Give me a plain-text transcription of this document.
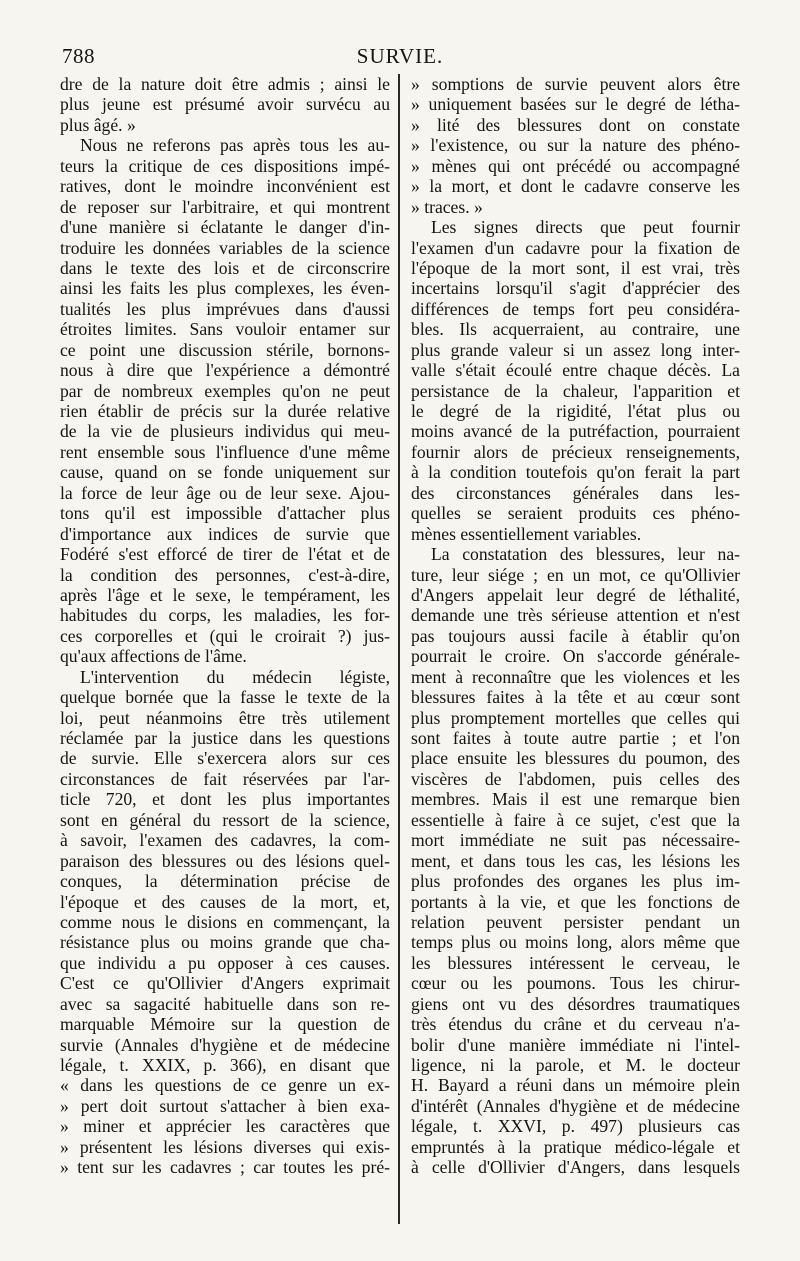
788	SURVIE.
dre de la nature doit être admis ; ainsi le
plus jeune est présumé avoir survécu au
plus âgé. »
Nous ne referons pas après tous les au-
teurs la critique de ces dispositions impé-
ratives, dont le moindre inconvénient est
de reposer sur l'arbitraire, et qui montrent
d'une manière si éclatante le danger d'in-
troduire les données variables de la science
dans le texte des lois et de circonscrire
ainsi les faits les plus complexes, les éven-
tualités les plus imprévues dans d'aussi
étroites limites. Sans vouloir entamer sur
ce point une discussion stérile, bornons-
nous à dire que l'expérience a démontré
par de nombreux exemples qu'on ne peut
rien établir de précis sur la durée relative
de la vie de plusieurs individus qui meu-
rent ensemble sous l'influence d'une même
cause, quand on se fonde uniquement sur
la force de leur âge ou de leur sexe. Ajou-
tons qu'il est impossible d'attacher plus
d'importance aux indices de survie que
Fodéré s'est efforcé de tirer de l'état et de
la condition des personnes, c'est-à-dire,
après l'âge et le sexe, le tempérament, les
habitudes du corps, les maladies, les for-
ces corporelles et (qui le croirait ?) jus-
qu'aux affections de l'âme.
L'intervention du médecin légiste,
quelque bornée que la fasse le texte de la
loi, peut néanmoins être très utilement
réclamée par la justice dans les questions
de survie. Elle s'exercera alors sur ces
circonstances de fait réservées par l'ar-
ticle 720, et dont les plus importantes
sont en général du ressort de la science,
à savoir, l'examen des cadavres, la com-
paraison des blessures ou des lésions quel-
conques, la détermination précise de
l'époque et des causes de la mort, et,
comme nous le disions en commençant, la
résistance plus ou moins grande que cha-
que individu a pu opposer à ces causes.
C'est ce qu'Ollivier d'Angers exprimait
avec sa sagacité habituelle dans son re-
marquable Mémoire sur la question de
survie (Annales d'hygiène et de médecine
légale, t. XXIX, p. 366), en disant que
« dans les questions de ce genre un ex-
» pert doit surtout s'attacher à bien exa-
» miner et apprécier les caractères que
» présentent les lésions diverses qui exis-
» tent sur les cadavres ; car toutes les pré-
» somptions de survie peuvent alors être
» uniquement basées sur le degré de létha-
» lité des blessures dont on constate
» l'existence, ou sur la nature des phéno-
» mènes qui ont précédé ou accompagné
» la mort, et dont le cadavre conserve les
» traces. »
Les signes directs que peut fournir
l'examen d'un cadavre pour la fixation de
l'époque de la mort sont, il est vrai, très
incertains lorsqu'il s'agit d'apprécier des
différences de temps fort peu considéra-
bles. Ils acquerraient, au contraire, une
plus grande valeur si un assez long inter-
valle s'était écoulé entre chaque décès. La
persistance de la chaleur, l'apparition et
le degré de la rigidité, l'état plus ou
moins avancé de la putréfaction, pourraient
fournir alors de précieux renseignements,
à la condition toutefois qu'on ferait la part
des circonstances générales dans les-
quelles se seraient produits ces phéno-
mènes essentiellement variables.
La constatation des blessures, leur na-
ture, leur siége ; en un mot, ce qu'Ollivier
d'Angers appelait leur degré de léthalité,
demande une très sérieuse attention et n'est
pas toujours aussi facile à établir qu'on
pourrait le croire. On s'accorde générale-
ment à reconnaître que les violences et les
blessures faites à la tête et au cœur sont
plus promptement mortelles que celles qui
sont faites à toute autre partie ; et l'on
place ensuite les blessures du poumon, des
viscères de l'abdomen, puis celles des
membres. Mais il est une remarque bien
essentielle à faire à ce sujet, c'est que la
mort immédiate ne suit pas nécessaire-
ment, et dans tous les cas, les lésions les
plus profondes des organes les plus im-
portants à la vie, et que les fonctions de
relation peuvent persister pendant un
temps plus ou moins long, alors même que
les blessures intéressent le cerveau, le
cœur ou les poumons. Tous les chirur-
giens ont vu des désordres traumatiques
très étendus du crâne et du cerveau n'a-
bolir d'une manière immédiate ni l'intel-
ligence, ni la parole, et M. le docteur
H. Bayard a réuni dans un mémoire plein
d'intérêt (Annales d'hygiène et de médecine
légale, t. XXVI, p. 497) plusieurs cas
empruntés à la pratique médico-légale et
à celle d'Ollivier d'Angers, dans lesquels
